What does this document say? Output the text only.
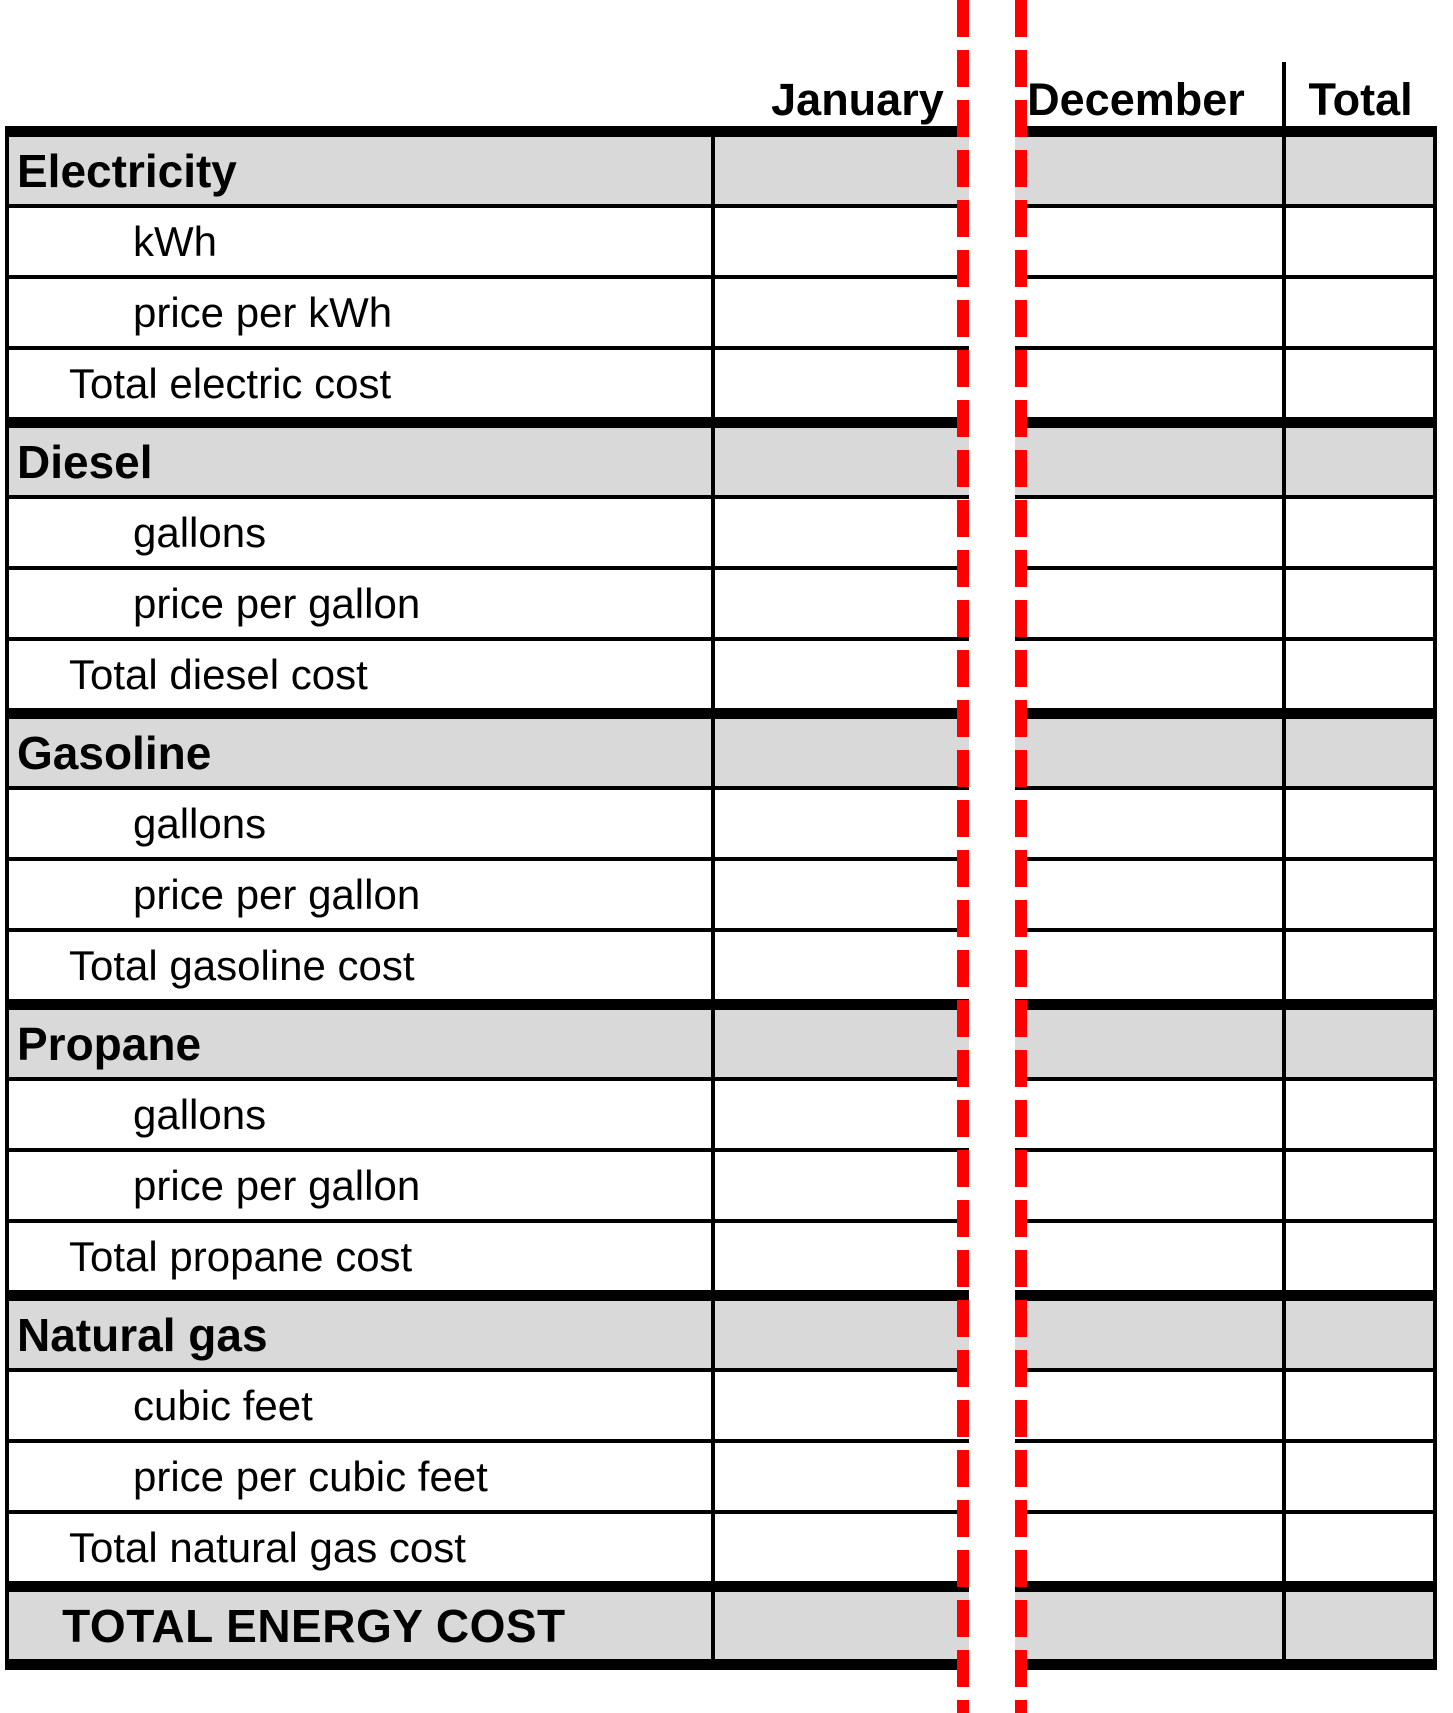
	January	December	Total
Electricity			
kWh			
price per kWh			
Total electric cost			
Diesel			
gallons			
price per gallon			
Total diesel cost			
Gasoline			
gallons			
price per gallon			
Total gasoline cost			
Propane			
gallons			
price per gallon			
Total propane cost			
Natural gas			
cubic feet			
price per cubic feet			
Total natural gas cost			
TOTAL ENERGY COST			
